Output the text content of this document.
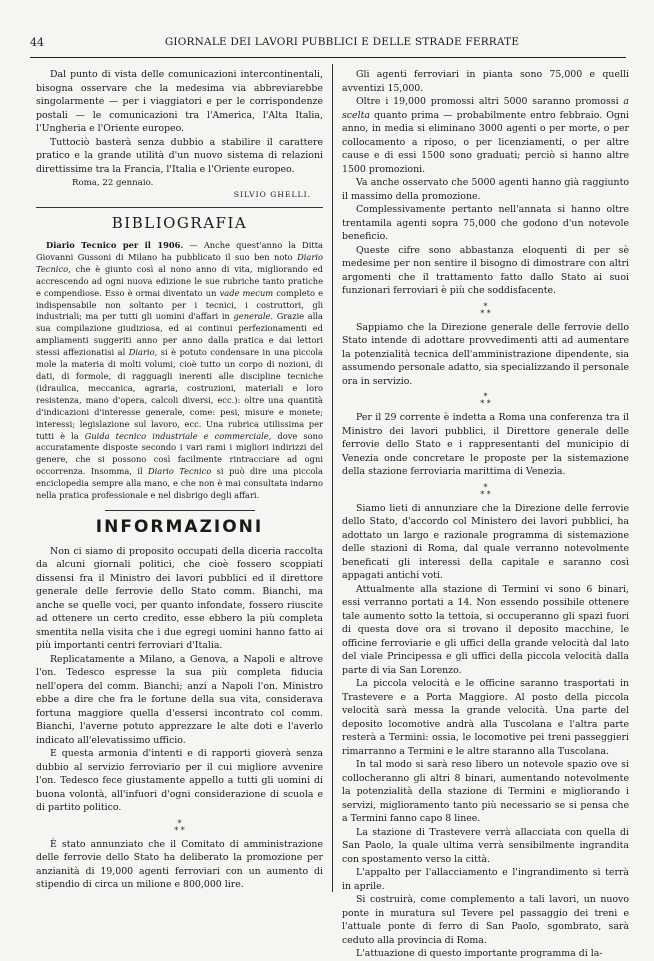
44	GIORNALE DEI LAVORI PUBBLICI E DELLE STRADE FERRATE

Dal punto di vista delle comunicazioni intercontinentali, bisogna osservare che la medesima via abbreviarebbe singolarmente — per i viaggiatori e per le corrispondenze postali — le comunicazioni tra l'America, l'Alta Italia, l'Ungheria e l'Oriente europeo.

Tuttociò basterà senza dubbio a stabilire il carattere pratico e la grande utilità d'un nuovo sistema di relazioni direttissime tra la Francia, l'Italia e l'Oriente europeo.

Roma, 22 gennaio.
SILVIO GHELLI.
BIBLIOGRAFIA

Diario Tecnico per il 1906. — Anche quest'anno la Ditta Giovanni Gussoni di Milano ha pubblicato il suo ben noto Diario Tecnico, che è giunto così al nono anno di vita, migliorando ed accrescendo ad ogni nuova edizione le sue rubriche tanto pratiche e compendiose. Esso è ormai diventato un vade mecum completo e indispensabile non soltanto per i tecnici, i costruttori, gli industriali; ma per tutti gli uomini d'affari in generale. Grazie alla sua compilazione giudiziosa, ed ai continui perfezionamenti ed ampliamenti suggeriti anno per anno dalla pratica e dai lettori stessi affezionatisi al Diario, si è potuto condensare in una piccola mole la materia di molti volumi, cioè tutto un corpo di nozioni, di dati, di formole, di ragguagli inerenti alle discipline tecniche (idraulica, meccanica, agraria, costruzioni, materiali e loro resistenza, mano d'opera, calcoli diversi, ecc.): oltre una quantità d'indicazioni d'interesse generale, come: pesi, misure e monete; interessi; legislazione sul lavoro, ecc. Una rubrica utilissima per tutti è la Guida tecnico industriale e commerciale, dove sono accuratamente disposte secondo i vari rami i migliori indirizzi del genere, che si possono così facilmente rintracciare ad ogni occorrenza. Insomma, il Diario Tecnico si può dire una piccola enciclopedia sempre alla mano, e che non è mai consultata indarno nella pratica professionale e nel disbrigo degli affari.

INFORMAZIONI

Non ci siamo di proposito occupati della diceria raccolta da alcuni giornali politici, che cioè fossero scoppiati dissensi fra il Ministro dei lavori pubblici ed il direttore generale delle ferrovie dello Stato comm. Bianchi, ma anche se quelle voci, per quanto infondate, fossero riuscite ad ottenere un certo credito, esse ebbero la più completa smentita nella visita che i due egregi uomini hanno fatto ai più importanti centri ferroviari d'Italia.

Replicatamente a Milano, a Genova, a Napoli e altrove l'on. Tedesco espresse la sua più completa fiducia nell'opera del comm. Bianchi; anzi a Napoli l'on. Ministro ebbe a dire che fra le fortune della sua vita, considerava fortuna maggiore quella d'essersi incontrato col comm. Bianchi, l'averne potuto apprezzare le alte doti e l'averlo indicato all'elevatissimo ufficio.

E questa armonia d'intenti e di rapporti gioverà senza dubbio al servizio ferroviario per il cui migliore avvenire l'on. Tedesco fece giustamente appello a tutti gli uomini di buona volontà, all'infuori d'ogni considerazione di scuola e di partito politico.

*
* *

È stato annunziato che il Comitato di amministrazione delle ferrovie dello Stato ha deliberato la promozione per anzianità di 19,000 agenti ferroviari con un aumento di stipendio di circa un milione e 800,000 lire.

Gli agenti ferroviari in pianta sono 75,000 e quelli avventizi 15,000.

Oltre i 19,000 promossi altri 5000 saranno promossi a scelta quanto prima — probabilmente entro febbraio. Ogni anno, in media si eliminano 3000 agenti o per morte, o per collocamento a riposo, o per licenziamenti, o per altre cause e di essi 1500 sono graduati; perciò si hanno altre 1500 promozioni.

Va anche osservato che 5000 agenti hanno già raggiunto il massimo della promozione.

Complessivamente pertanto nell'annata si hanno oltre trentamila agenti sopra 75,000 che godono d'un notevole beneficio.

Queste cifre sono abbastanza eloquenti di per sè medesime per non sentire il bisogno di dimostrare con altri argomenti che il trattamento fatto dallo Stato ai suoi funzionari ferroviari è più che soddisfacente.

*
* *

Sappiamo che la Direzione generale delle ferrovie dello Stato intende di adottare provvedimenti atti ad aumentare la potenzialità tecnica dell'amministrazione dipendente, sia assumendo personale adatto, sia specializzando il personale ora in servizio.

*
* *

Per il 29 corrente è indetta a Roma una conferenza tra il Ministro dei lavori pubblici, il Direttore generale delle ferrovie dello Stato e i rappresentanti del municipio di Venezia onde concretare le proposte per la sistemazione della stazione ferroviaria marittima di Venezia.

*
* *

Siamo lieti di annunziare che la Direzione delle ferrovie dello Stato, d'accordo col Ministero dei lavori pubblici, ha adottato un largo e razionale programma di sistemazione delle stazioni di Roma, dal quale verranno notevolmente beneficati gli interessi della capitale e saranno così appagati antichi voti.

Attualmente alla stazione di Termini vi sono 6 binari, essi verranno portati a 14. Non essendo possibile ottenere tale aumento sotto la tettoia, si occuperanno gli spazi fuori di questa dove ora si trovano il deposito macchine, le officine ferroviarie e gli uffici della grande velocità dal lato del viale Principessa e gli uffici della piccola velocità dalla parte di via San Lorenzo.

La piccola velocità e le officine saranno trasportati in Trastevere e a Porta Maggiore. Al posto della piccola velocità sarà messa la grande velocità. Una parte del deposito locomotive andrà alla Tuscolana e l'altra parte resterà a Termini: ossia, le locomotive pei treni passeggieri rimarranno a Termini e le altre staranno alla Tuscolana.

In tal modo si sarà reso libero un notevole spazio ove si collocheranno gli altri 8 binari, aumentando notevolmente la potenzialità della stazione di Termini e migliorando i servizi, miglioramento tanto più necessario se si pensa che a Termini fanno capo 8 linee.

La stazione di Trastevere verrà allacciata con quella di San Paolo, la quale ultima verrà sensibilmente ingrandita con spostamento verso la città.

L'appalto per l'allacciamento e l'ingrandimento si terrà in aprile.

Si costruirà, come complemento a tali lavori, un nuovo ponte in muratura sul Tevere pel passaggio dei treni e l'attuale ponte di ferro di San Paolo, sgombrato, sarà ceduto alla provincia di Roma.

L'attuazione di questo importante programma di la-
